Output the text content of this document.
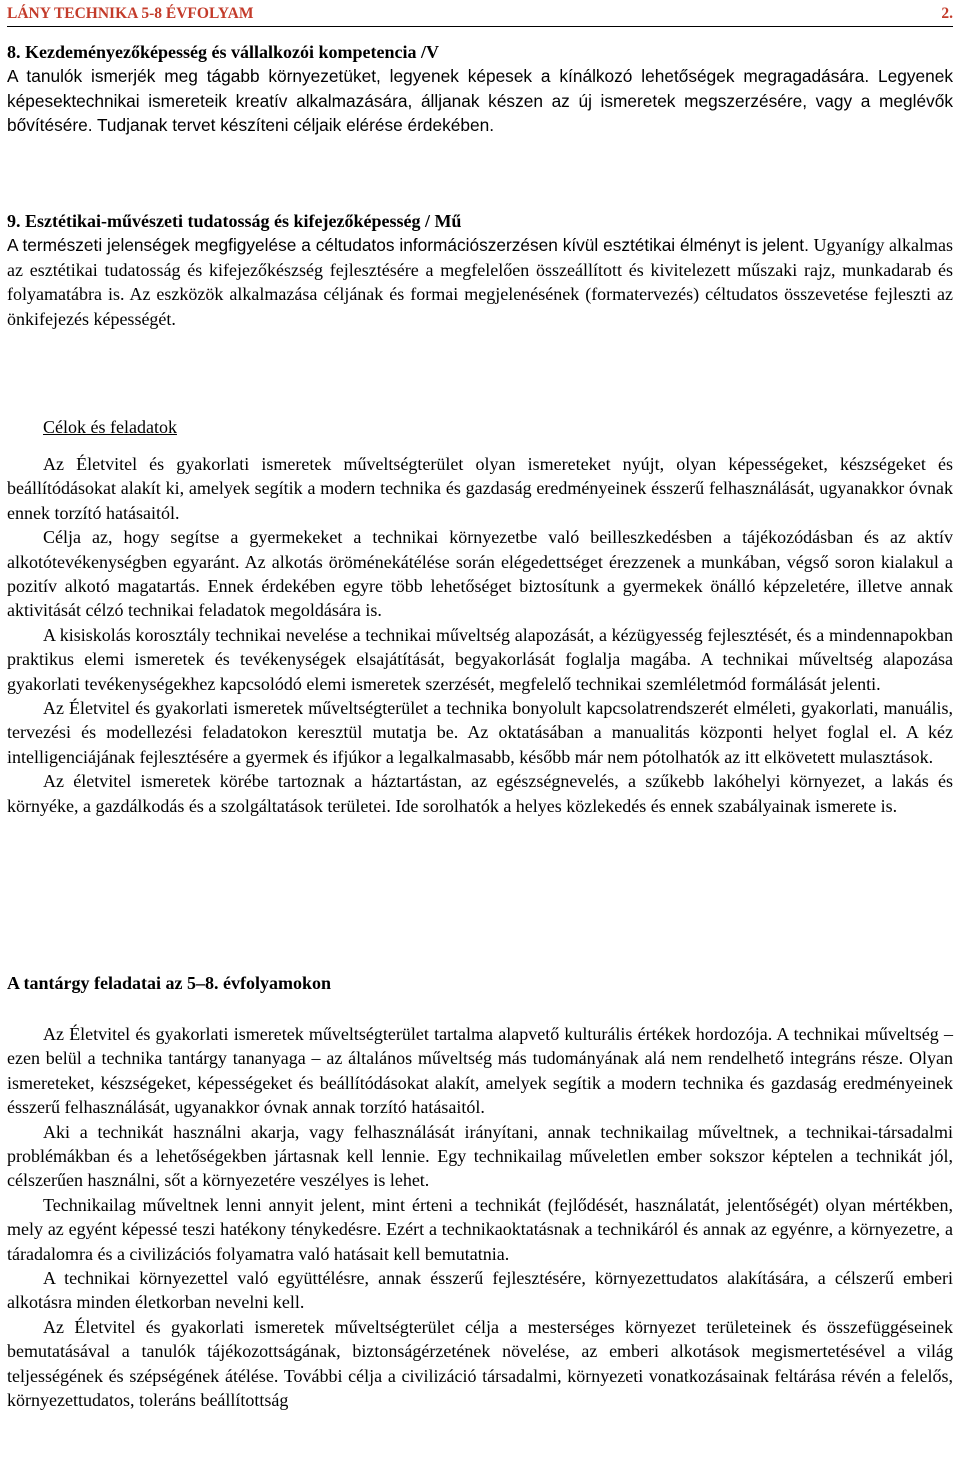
LÁNY TECHNIKA 5-8 ÉVFOLYAM	2.

8. Kezdeményezőképesség és vállalkozói kompetencia /V

A tanulók ismerjék meg tágabb környezetüket, legyenek képesek a kínálkozó lehetőségek megragadására. Legyenek képesektechnikai ismereteik kreatív alkalmazására, álljanak készen az új ismeretek megszerzésére, vagy a meglévők bővítésére. Tudjanak tervet készíteni céljaik elérése érdekében.

9. Esztétikai-művészeti tudatosság és kifejezőképesség / Mű

A természeti jelenségek megfigyelése a céltudatos információszerzésen kívül esztétikai élményt is jelent. Ugyanígy alkalmas az esztétikai tudatosság és kifejezőkészség fejlesztésére a megfelelően összeállított és kivitelezett műszaki rajz, munkadarab és folyamatábra is. Az eszközök alkalmazása céljának és formai megjelenésének (formatervezés) céltudatos összevetése fejleszti az önkifejezés képességét.

Célok és feladatok

Az Életvitel és gyakorlati ismeretek műveltségterület olyan ismereteket nyújt, olyan képességeket, készségeket és beállítódásokat alakít ki, amelyek segítik a modern technika és gazdaság eredményeinek ésszerű felhasználását, ugyanakkor óvnak ennek torzító hatásaitól.

Célja az, hogy segítse a gyermekeket a technikai környezetbe való beilleszkedésben a tájékozódásban és az aktív alkotótevékenységben egyaránt. Az alkotás öröménekátélése során elégedettséget érezzenek a munkában, végső soron kialakul a pozitív alkotó magatartás. Ennek érdekében egyre több lehetőséget biztosítunk a gyermekek önálló képzeletére, illetve annak aktivitását célzó technikai feladatok megoldására is.

A kisiskolás korosztály technikai nevelése a technikai műveltség alapozását, a kézügyesség fejlesztését, és a mindennapokban praktikus elemi ismeretek és tevékenységek elsajátítását, begyakorlását foglalja magába. A technikai műveltség alapozása gyakorlati tevékenységekhez kapcsolódó elemi ismeretek szerzését, megfelelő technikai szemléletmód formálását jelenti.

Az Életvitel és gyakorlati ismeretek műveltségterület a technika bonyolult kapcsolatrendszerét elméleti, gyakorlati, manuális, tervezési és modellezési feladatokon keresztül mutatja be. Az oktatásában a manualitás központi helyet foglal el. A kéz intelligenciájának fejlesztésére a gyermek és ifjúkor a legalkalmasabb, később már nem pótolhatók az itt elkövetett mulasztások.

Az életvitel ismeretek körébe tartoznak a háztartástan, az egészségnevelés, a szűkebb lakóhelyi környezet, a lakás és környéke, a gazdálkodás és a szolgáltatások területei. Ide sorolhatók a helyes közlekedés és ennek szabályainak ismerete is.

A tantárgy feladatai az 5–8. évfolyamokon

Az Életvitel és gyakorlati ismeretek műveltségterület tartalma alapvető kulturális értékek hordozója. A technikai műveltség – ezen belül a technika tantárgy tananyaga – az általános műveltség más tudományának alá nem rendelhető integráns része. Olyan ismereteket, készségeket, képességeket és beállítódásokat alakít, amelyek segítik a modern technika és gazdaság eredményeinek ésszerű felhasználását, ugyanakkor óvnak annak torzító hatásaitól.

Aki a technikát használni akarja, vagy felhasználását irányítani, annak technikailag műveltnek, a technikai-társadalmi problémákban és a lehetőségekben jártasnak kell lennie. Egy technikailag műveletlen ember sokszor képtelen a technikát jól, célszerűen használni, sőt a környezetére veszélyes is lehet.

Technikailag műveltnek lenni annyit jelent, mint érteni a technikát (fejlődését, használatát, jelentőségét) olyan mértékben, mely az egyént képessé teszi hatékony ténykedésre. Ezért a technikaoktatásnak a technikáról és annak az egyénre, a környezetre, a táradalomra és a civilizációs folyamatra való hatásait kell bemutatnia.

A technikai környezettel való együttélésre, annak ésszerű fejlesztésére, környezettudatos alakítására, a célszerű emberi alkotásra minden életkorban nevelni kell.

Az Életvitel és gyakorlati ismeretek műveltségterület célja a mesterséges környezet területeinek és összefüggéseinek bemutatásával a tanulók tájékozottságának, biztonságérzetének növelése, az emberi alkotások megismertetésével a világ teljességének és szépségének átélése. További célja a civilizáció társadalmi, környezeti vonatkozásainak feltárása révén a felelős, környezettudatos, toleráns beállítottság
